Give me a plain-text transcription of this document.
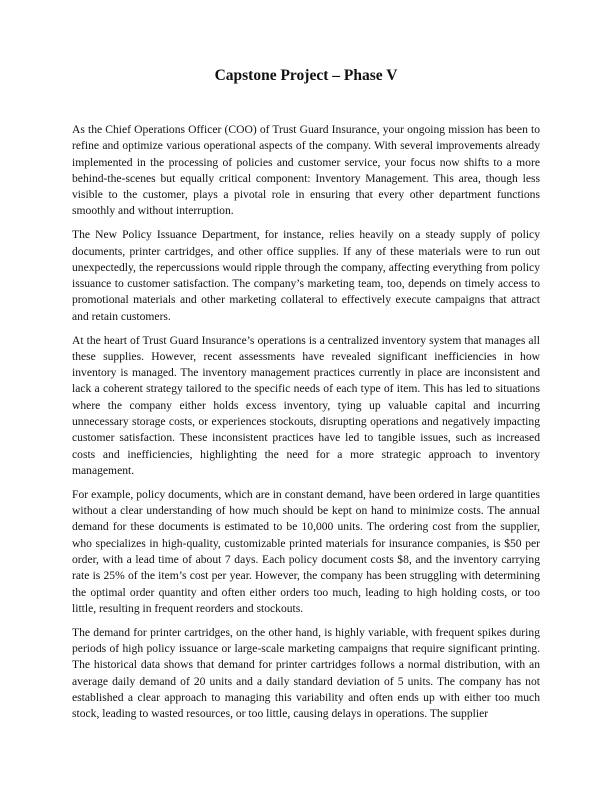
Capstone Project – Phase V

As the Chief Operations Officer (COO) of Trust Guard Insurance, your ongoing mission has been to refine and optimize various operational aspects of the company. With several improvements already implemented in the processing of policies and customer service, your focus now shifts to a more behind-the-scenes but equally critical component: Inventory Management. This area, though less visible to the customer, plays a pivotal role in ensuring that every other department functions smoothly and without interruption.

The New Policy Issuance Department, for instance, relies heavily on a steady supply of policy documents, printer cartridges, and other office supplies. If any of these materials were to run out unexpectedly, the repercussions would ripple through the company, affecting everything from policy issuance to customer satisfaction. The company’s marketing team, too, depends on timely access to promotional materials and other marketing collateral to effectively execute campaigns that attract and retain customers.

At the heart of Trust Guard Insurance’s operations is a centralized inventory system that manages all these supplies. However, recent assessments have revealed significant inefficiencies in how inventory is managed. The inventory management practices currently in place are inconsistent and lack a coherent strategy tailored to the specific needs of each type of item. This has led to situations where the company either holds excess inventory, tying up valuable capital and incurring unnecessary storage costs, or experiences stockouts, disrupting operations and negatively impacting customer satisfaction. These inconsistent practices have led to tangible issues, such as increased costs and inefficiencies, highlighting the need for a more strategic approach to inventory management.

For example, policy documents, which are in constant demand, have been ordered in large quantities without a clear understanding of how much should be kept on hand to minimize costs. The annual demand for these documents is estimated to be 10,000 units. The ordering cost from the supplier, who specializes in high-quality, customizable printed materials for insurance companies, is $50 per order, with a lead time of about 7 days. Each policy document costs $8, and the inventory carrying rate is 25% of the item’s cost per year. However, the company has been struggling with determining the optimal order quantity and often either orders too much, leading to high holding costs, or too little, resulting in frequent reorders and stockouts.

The demand for printer cartridges, on the other hand, is highly variable, with frequent spikes during periods of high policy issuance or large-scale marketing campaigns that require significant printing. The historical data shows that demand for printer cartridges follows a normal distribution, with an average daily demand of 20 units and a daily standard deviation of 5 units. The company has not established a clear approach to managing this variability and often ends up with either too much stock, leading to wasted resources, or too little, causing delays in operations. The supplier
